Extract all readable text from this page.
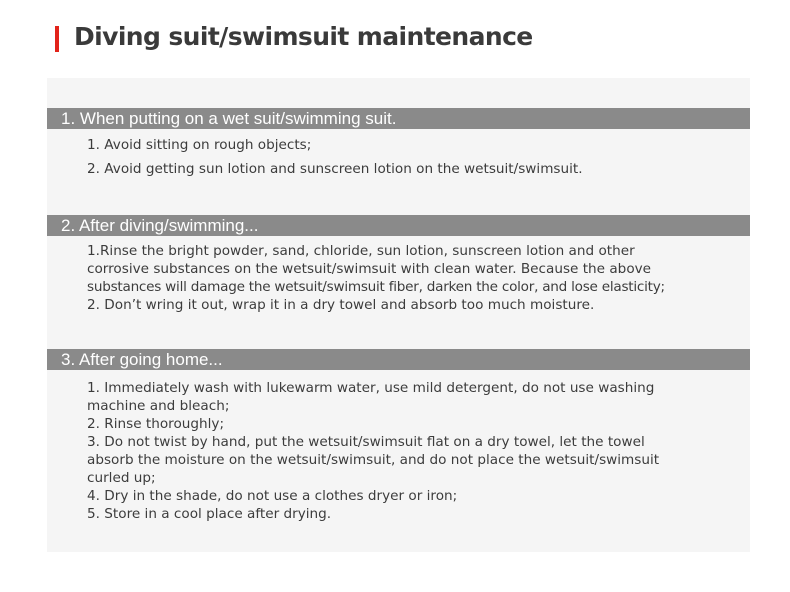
Diving suit/swimsuit maintenance
1. When putting on a wet suit/swimming suit.
1. Avoid sitting on rough objects;
2. Avoid getting sun lotion and sunscreen lotion on the wetsuit/swimsuit.
2. After diving/swimming...
1.Rinse the bright powder, sand, chloride, sun lotion, sunscreen lotion and other
corrosive substances on the wetsuit/swimsuit with clean water. Because the above
substances will damage the wetsuit/swimsuit fiber, darken the color, and lose elasticity;
2. Don’t wring it out, wrap it in a dry towel and absorb too much moisture.
3. After going home...
1. Immediately wash with lukewarm water, use mild detergent, do not use washing
machine and bleach;
2. Rinse thoroughly;
3. Do not twist by hand, put the wetsuit/swimsuit flat on a dry towel, let the towel
absorb the moisture on the wetsuit/swimsuit, and do not place the wetsuit/swimsuit
curled up;
4. Dry in the shade, do not use a clothes dryer or iron;
5. Store in a cool place after drying.
